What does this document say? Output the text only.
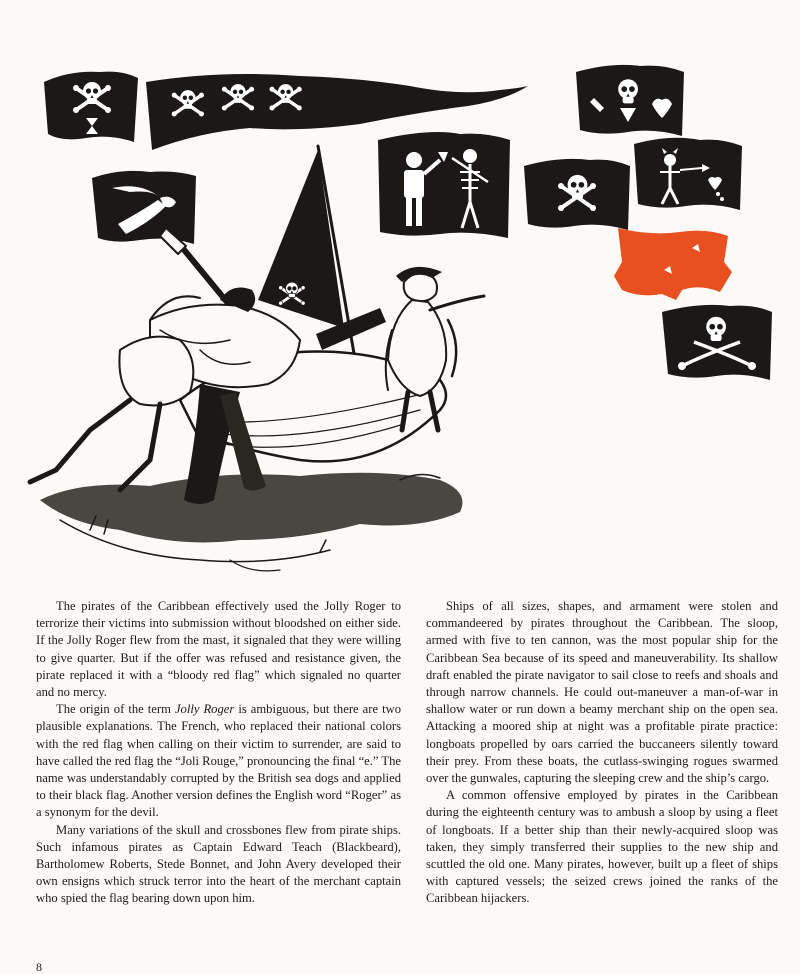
The pirates of the Caribbean effectively used the Jolly Roger to terrorize their victims into submission without bloodshed on either side. If the Jolly Roger flew from the mast, it signaled that they were willing to give quarter. But if the offer was refused and resistance given, the pirate replaced it with a “bloody red flag” which signaled no quarter and no mercy.

The origin of the term Jolly Roger is ambiguous, but there are two plausible explanations. The French, who replaced their national colors with the red flag when calling on their victim to surrender, are said to have called the red flag the “Joli Rouge,” pronouncing the final “e.” The name was understandably corrupted by the British sea dogs and applied to their black flag. Another version defines the English word “Roger” as a synonym for the devil.

Many variations of the skull and crossbones flew from pirate ships. Such infamous pirates as Captain Edward Teach (Blackbeard), Bartholomew Roberts, Stede Bonnet, and John Avery developed their own ensigns which struck terror into the heart of the merchant captain who spied the flag bearing down upon him.

Ships of all sizes, shapes, and armament were stolen and commandeered by pirates throughout the Caribbean. The sloop, armed with five to ten cannon, was the most popular ship for the Caribbean Sea because of its speed and maneuverability. Its shallow draft enabled the pirate navigator to sail close to reefs and shoals and through narrow channels. He could out-maneuver a man-of-war in shallow water or run down a beamy merchant ship on the open sea. Attacking a moored ship at night was a profitable pirate practice: longboats propelled by oars carried the buccaneers silently toward their prey. From these boats, the cutlass-swinging rogues swarmed over the gunwales, capturing the sleeping crew and the ship’s cargo.

A common offensive employed by pirates in the Caribbean during the eighteenth century was to ambush a sloop by using a fleet of longboats. If a better ship than their newly-acquired sloop was taken, they simply transferred their supplies to the new ship and scuttled the old one. Many pirates, however, built up a fleet of ships with captured vessels; the seized crews joined the ranks of the Caribbean hijackers.

8
